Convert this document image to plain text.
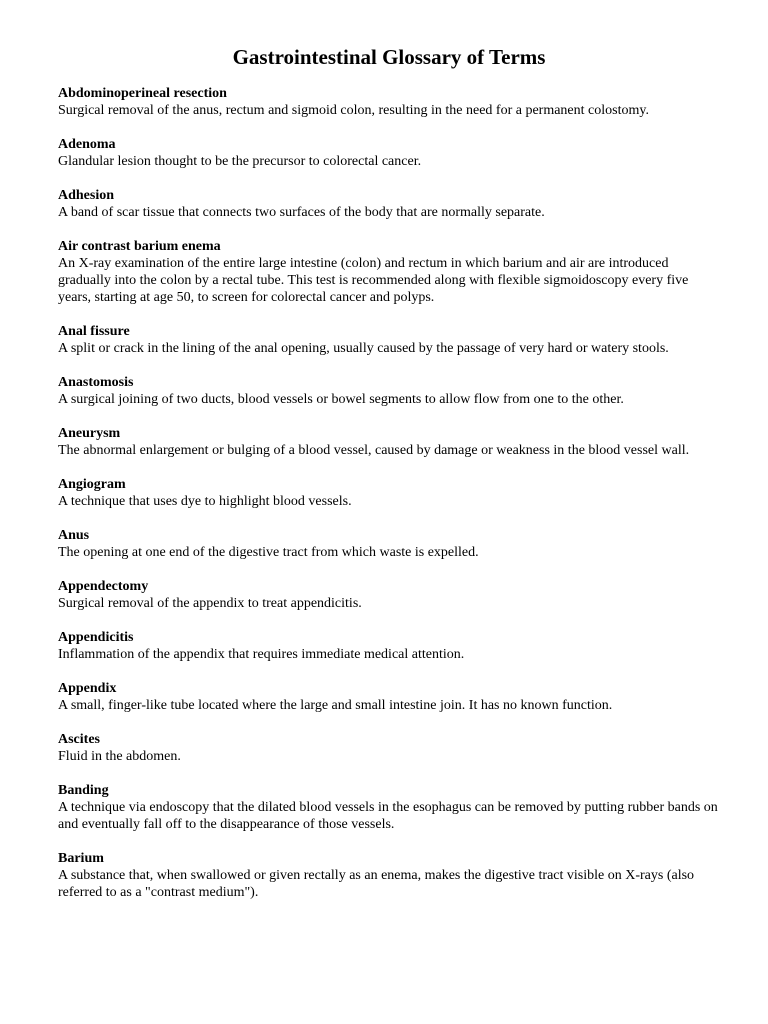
Gastrointestinal Glossary of Terms
Abdominoperineal resection
Surgical removal of the anus, rectum and sigmoid colon, resulting in the need for a permanent colostomy.
Adenoma
Glandular lesion thought to be the precursor to colorectal cancer.
Adhesion
A band of scar tissue that connects two surfaces of the body that are normally separate.
Air contrast barium enema
An X-ray examination of the entire large intestine (colon) and rectum in which barium and air are introduced gradually into the colon by a rectal tube. This test is recommended along with flexible sigmoidoscopy every five years, starting at age 50, to screen for colorectal cancer and polyps.
Anal fissure
A split or crack in the lining of the anal opening, usually caused by the passage of very hard or watery stools.
Anastomosis
A surgical joining of two ducts, blood vessels or bowel segments to allow flow from one to the other.
Aneurysm
The abnormal enlargement or bulging of a blood vessel, caused by damage or weakness in the blood vessel wall.
Angiogram
A technique that uses dye to highlight blood vessels.
Anus
The opening at one end of the digestive tract from which waste is expelled.
Appendectomy
Surgical removal of the appendix to treat appendicitis.
Appendicitis
Inflammation of the appendix that requires immediate medical attention.
Appendix
A small, finger-like tube located where the large and small intestine join. It has no known function.
Ascites
Fluid in the abdomen.
Banding
A technique via endoscopy that the dilated blood vessels in the esophagus can be removed by putting rubber bands on and eventually fall off to the disappearance of those vessels.
Barium
A substance that, when swallowed or given rectally as an enema, makes the digestive tract visible on X-rays (also referred to as a "contrast medium").
